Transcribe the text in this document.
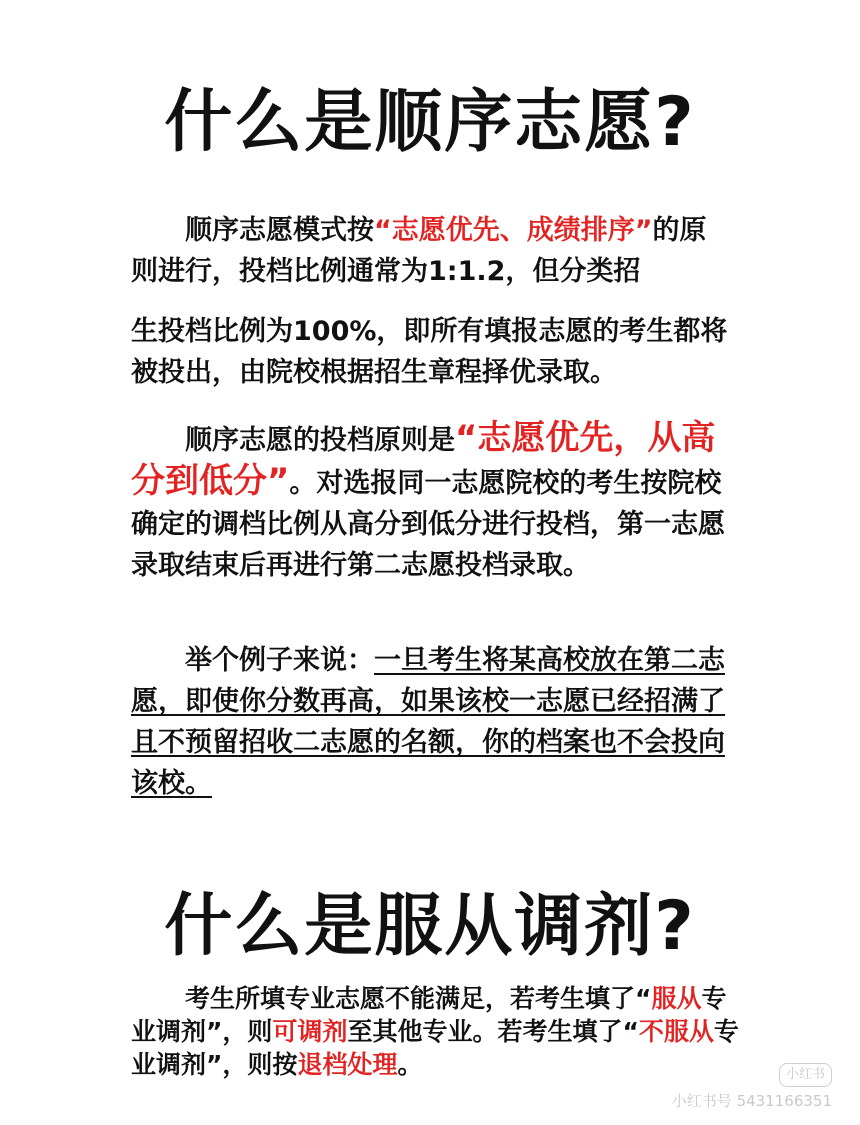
什么是顺序志愿?

顺序志愿模式按“志愿优先、成绩排序”的原则进行，投档比例通常为1:1.2，但分类招

生投档比例为100%，即所有填报志愿的考生都将被投出，由院校根据招生章程择优录取。

顺序志愿的投档原则是“志愿优先，从高分到低分”。对选报同一志愿院校的考生按院校确定的调档比例从高分到低分进行投档，第一志愿录取结束后再进行第二志愿投档录取。

举个例子来说：一旦考生将某高校放在第二志愿，即使你分数再高，如果该校一志愿已经招满了且不预留招收二志愿的名额，你的档案也不会投向该校。

什么是服从调剂?

考生所填专业志愿不能满足，若考生填了“服从专业调剂”，则可调剂至其他专业。若考生填了“不服从专业调剂”，则按退档处理。	小红书
小红书号 5431166351
